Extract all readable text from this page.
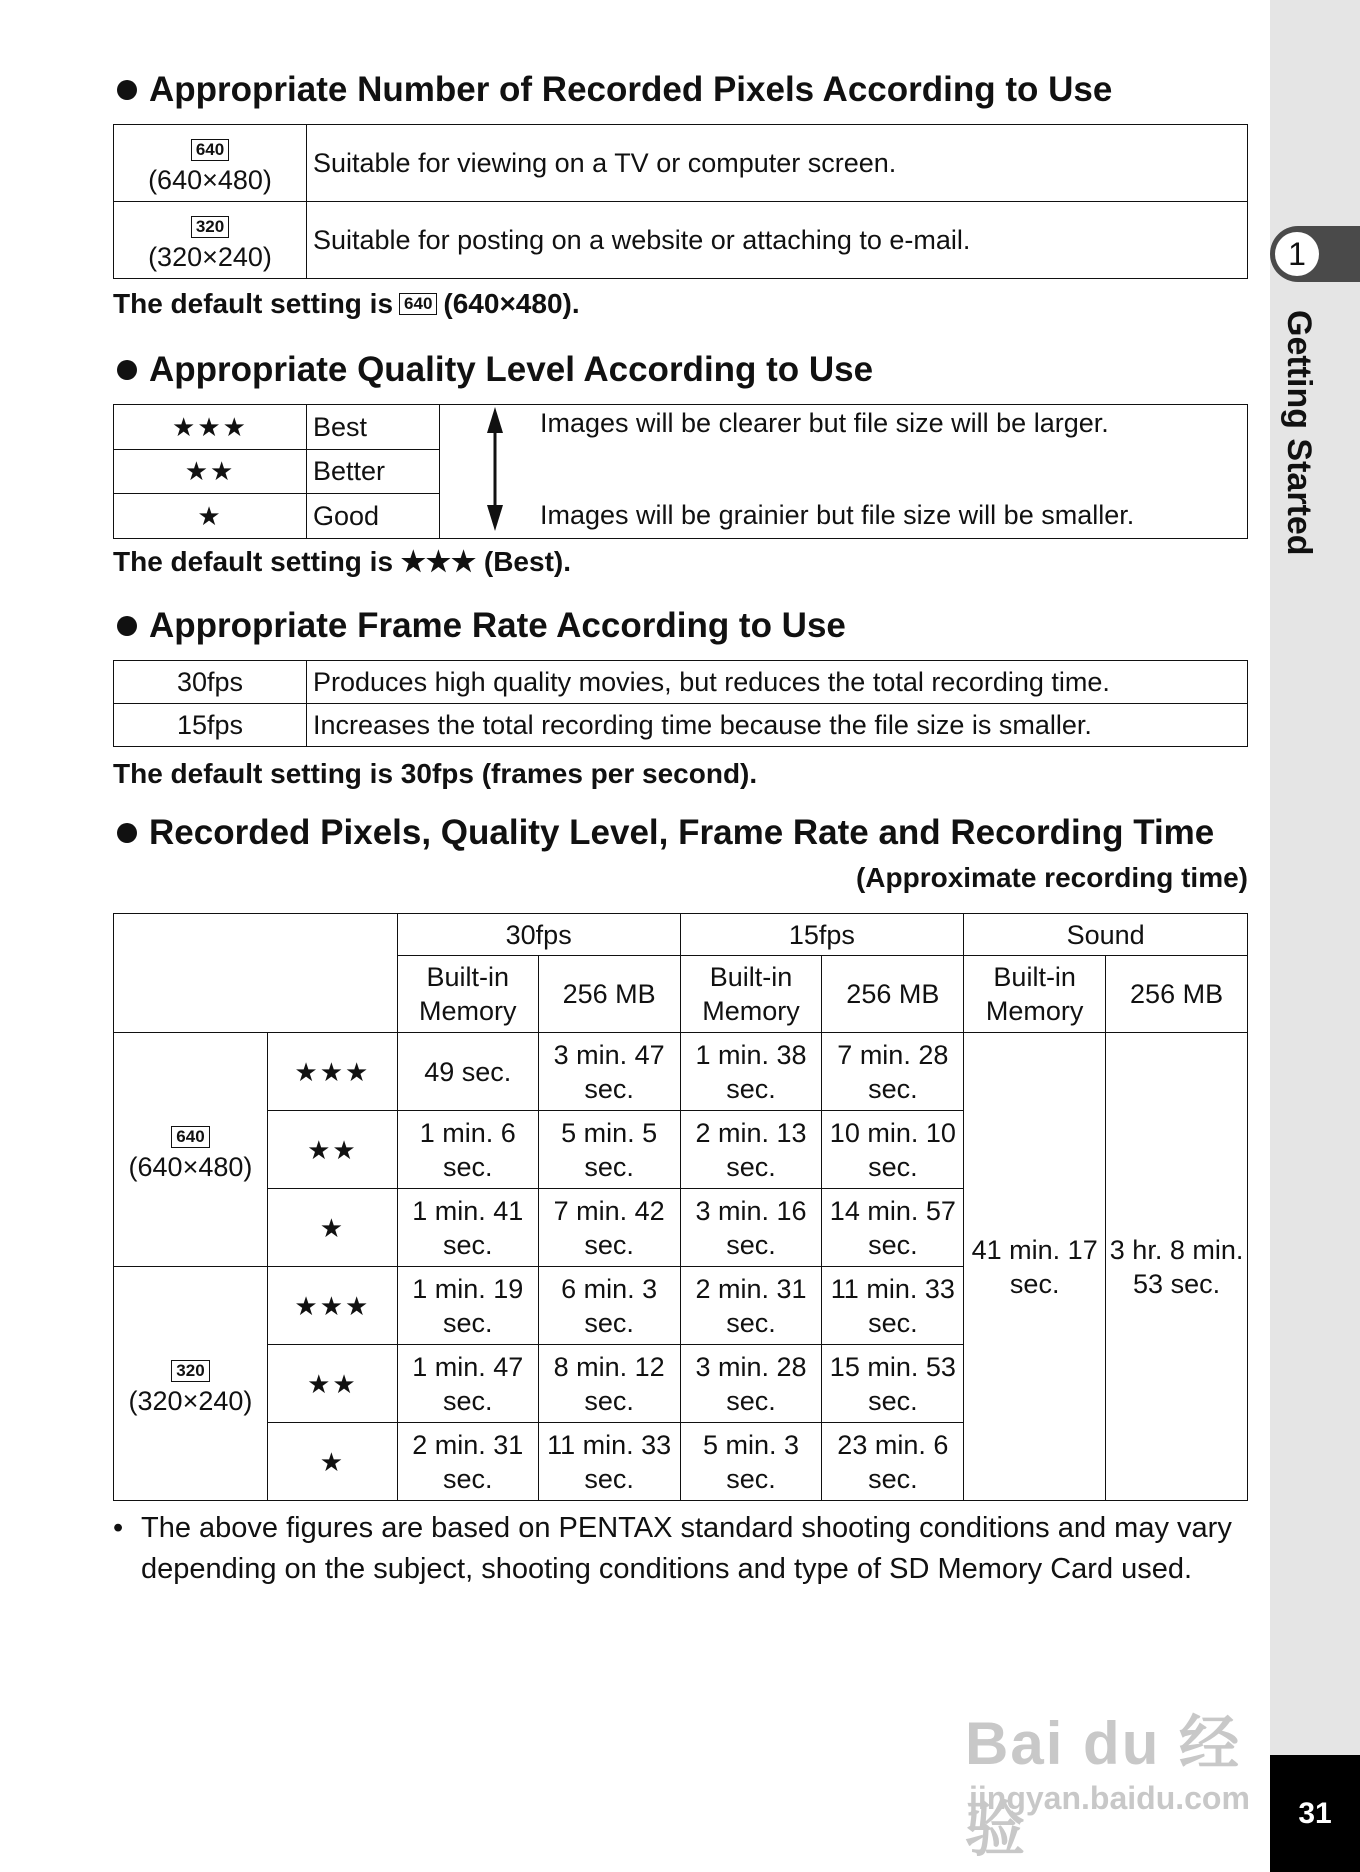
1
Getting Started
Appropriate Number of Recorded Pixels According to Use
640
(640×480)	Suitable for viewing on a TV or computer screen.
320
(320×240)	Suitable for posting on a website or attaching to e-mail.
The default setting is 640 (640×480).
Appropriate Quality Level According to Use
★★★	Best		Images will be clearer but file size will be larger.
Images will be grainier but file size will be smaller.

★★	Better		
★	Good		
The default setting is ★★★ (Best).
Appropriate Frame Rate According to Use
30fps	Produces high quality movies, but reduces the total recording time.
15fps	Increases the total recording time because the file size is smaller.
The default setting is 30fps (frames per second).
Recorded Pixels, Quality Level, Frame Rate and Recording Time
(Approximate recording time)
		30fps		15fps		Sound	
		Built-in Memory	256 MB	Built-in Memory	256 MB	Built-in Memory	256 MB
640
(640×480)	★★★	49 sec.	3 min. 47 sec.	1 min. 38 sec.	7 min. 28 sec.	41 min. 17 sec.	3 hr. 8 min. 53 sec.
	★★	1 min. 6 sec.	5 min. 5 sec.	2 min. 13 sec.	10 min. 10 sec.		
	★	1 min. 41 sec.	7 min. 42 sec.	3 min. 16 sec.	14 min. 57 sec.		
320
(320×240)	★★★	1 min. 19 sec.	6 min. 3 sec.	2 min. 31 sec.	11 min. 33 sec.		
	★★	1 min. 47 sec.	8 min. 12 sec.	3 min. 28 sec.	15 min. 53 sec.		
	★	2 min. 31 sec.	11 min. 33 sec.	5 min. 3 sec.	23 min. 6 sec.		
• The above figures are based on PENTAX standard shooting conditions and may vary depending on the subject, shooting conditions and type of SD Memory Card used.
Bai du 经验
jingyan.baidu.com	31
